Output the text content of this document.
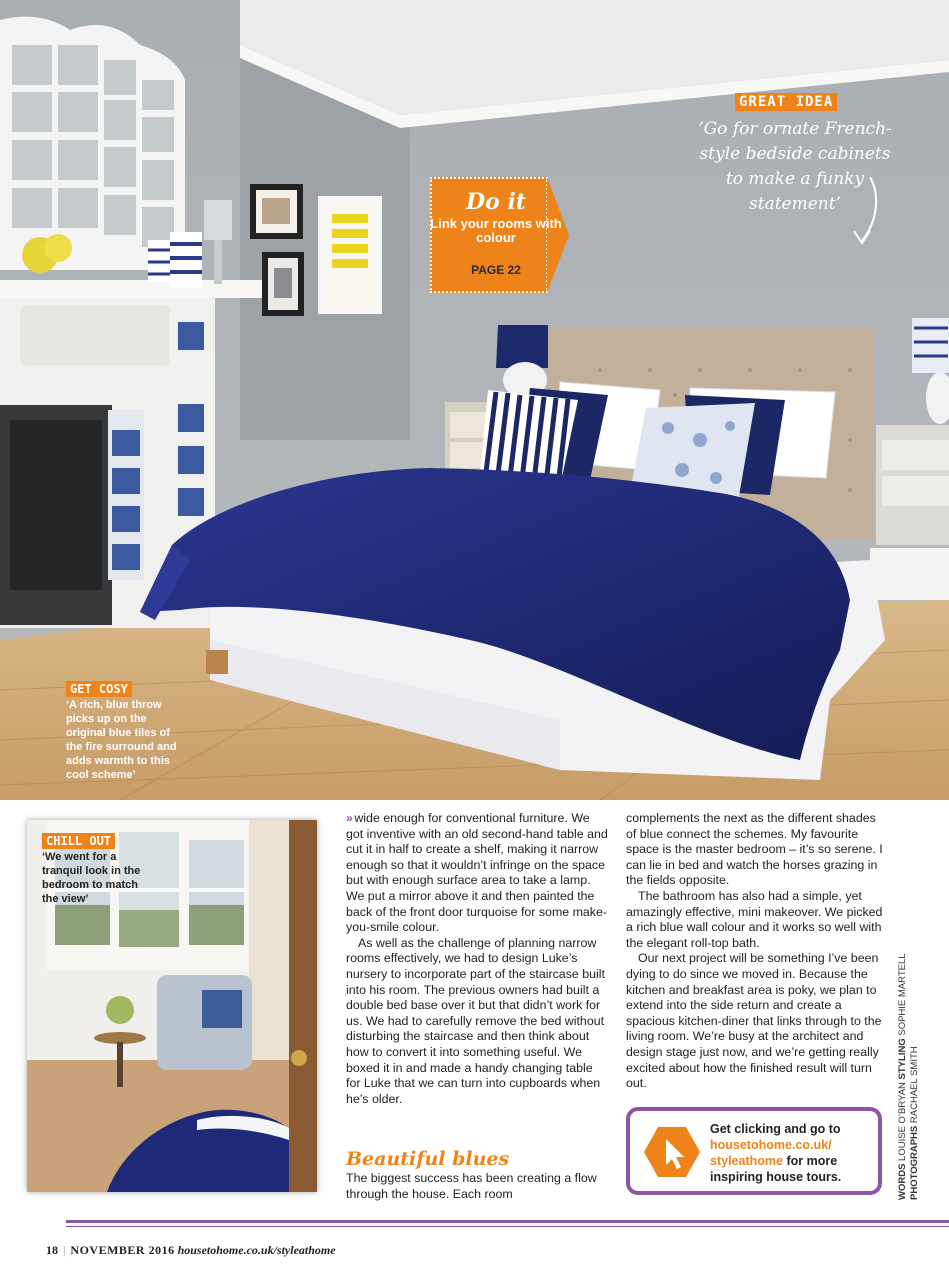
Do it
Link your rooms with colour
PAGE 22
GREAT IDEA
‘Go for ornate French-style bedside cabinets to make a funky statement’
GET COSY
‘A rich, blue throw picks up on the original blue tiles of the fire surround and adds warmth to this cool scheme’
CHILL OUT
‘We went for a tranquil look in the bedroom to match the view’

» wide enough for conventional furniture. We got inventive with an old second-hand table and cut it in half to create a shelf, making it narrow enough so that it wouldn’t infringe on the space but with enough surface area to take a lamp. We put a mirror above it and then painted the back of the front door turquoise for some make-you-smile colour.

As well as the challenge of planning narrow rooms effectively, we had to design Luke’s nursery to incorporate part of the staircase built into his room. The previous owners had built a double bed base over it but that didn’t work for us. We had to carefully remove the bed without disturbing the staircase and then think about how to convert it into something useful. We boxed it in and made a handy changing table for Luke that we can turn into cupboards when he’s older.

Beautiful blues

The biggest success has been creating a flow through the house. Each room

complements the next as the different shades of blue connect the schemes. My favourite space is the master bedroom – it’s so serene. I can lie in bed and watch the horses grazing in the fields opposite.

The bathroom has also had a simple, yet amazingly effective, mini makeover. We picked a rich blue wall colour and it works so well with the elegant roll-top bath.

Our next project will be something I’ve been dying to do since we moved in. Because the kitchen and breakfast area is poky, we plan to extend into the side return and create a spacious kitchen-diner that links through to the living room. We’re busy at the architect and design stage just now, and we’re getting really excited about how the finished result will turn out.

Get clicking and go to
housetohome.co.uk/ styleathome for more inspiring house tours.	WORDS LOUISE O’BRYAN STYLING SOPHIE MARTELL
PHOTOGRAPHS RACHAEL SMITH
18 | NOVEMBER 2016 housetohome.co.uk/styleathome
